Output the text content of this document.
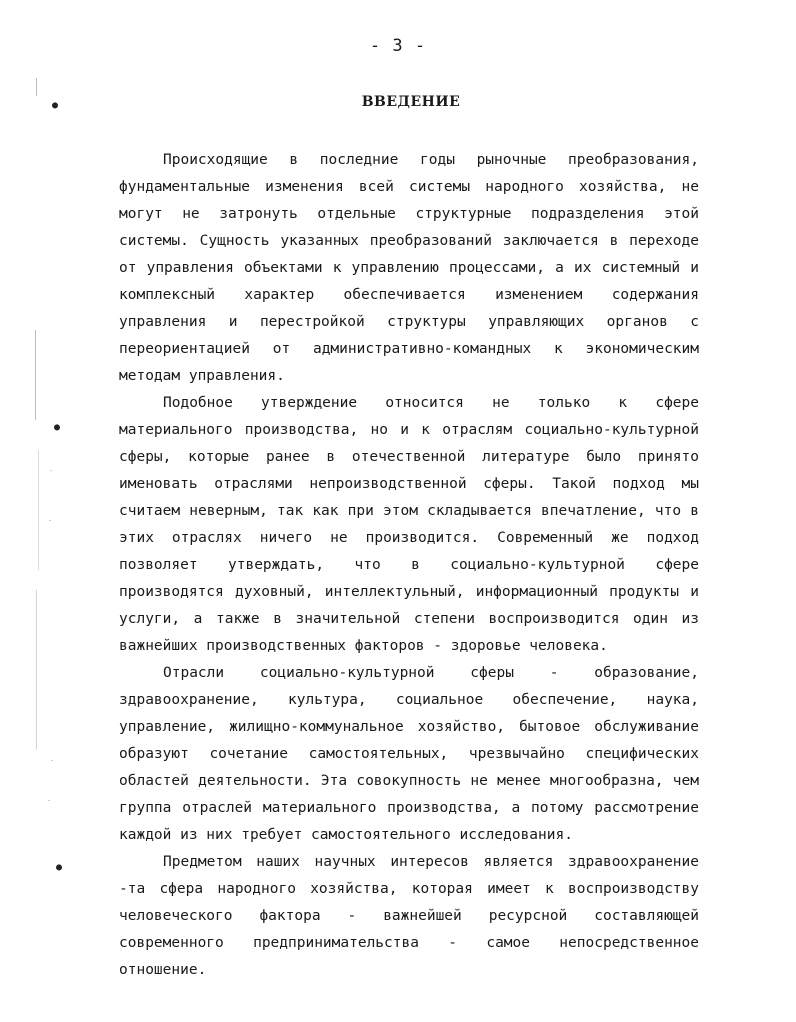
●
●
●
- 3 -
ВВЕДЕНИЕ

Происходящие в последние годы рыночные преобразования, фундаментальные изменения всей системы народного хозяйства, не могут не затронуть отдельные структурные подразделения этой системы. Сущность указанных преобразований заключается в переходе от управления объектами к управлению процессами, а их системный и комплексный характер обеспечивается изменением содержания управления и перестройкой структуры управляющих органов с переориентацией от административно-командных к экономическим методам управления.

Подобное утверждение относится не только к сфере материального производства, но и к отраслям социально-культурной сферы, которые ранее в отечественной литературе было принято именовать отраслями непроизводственной сферы. Такой подход мы считаем неверным, так как при этом складывается впечатление, что в этих отраслях ничего не производится. Современный же подход позволяет утверждать, что в социально-культурной сфере производятся духовный, интеллектульный, информационный продукты и услуги, а также в значительной степени воспроизводится один из важнейших производственных факторов - здоровье человека.

Отрасли социально-культурной сферы - образование, здравоохранение, культура, социальное обеспечение, наука, управление, жилищно-коммунальное хозяйство, бытовое обслуживание образуют сочетание самостоятельных, чрезвычайно специфических областей деятельности. Эта совокупность не менее многообразна, чем группа отраслей материального производства, а потому рассмотрение каждой из них требует самостоятельного исследования.

Предметом наших научных интересов является здравоохранение -та сфера народного хозяйства, которая имеет к воспроизводству человеческого фактора - важнейшей ресурсной составляющей современного предпринимательства - самое непосредственное отношение.
